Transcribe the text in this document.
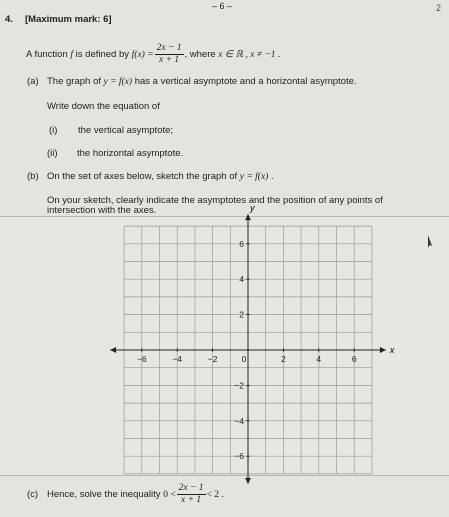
– 6 –	2
4. [Maximum mark: 6]
A function f is defined by $f(x) = \frac{2x - 1}{x + 1}$ , where x ∈ ℝ , x ≠ −1 .
(a) The graph of y = f(x) has a vertical asymptote and a horizontal asymptote.
Write down the equation of
(i) the vertical asymptote;
(ii) the horizontal asymptote.
(b) On the set of axes below, sketch the graph of y = f(x) .
On your sketch, clearly indicate the asymptotes and the position of any points of
intersection with the axes.
−6	−4	−2	0	2	4	6
6
4
2
−2
−4
−6
x
y
(c) Hence, solve the inequality $0 < \frac{2x - 1}{x + 1} < 2$ .
